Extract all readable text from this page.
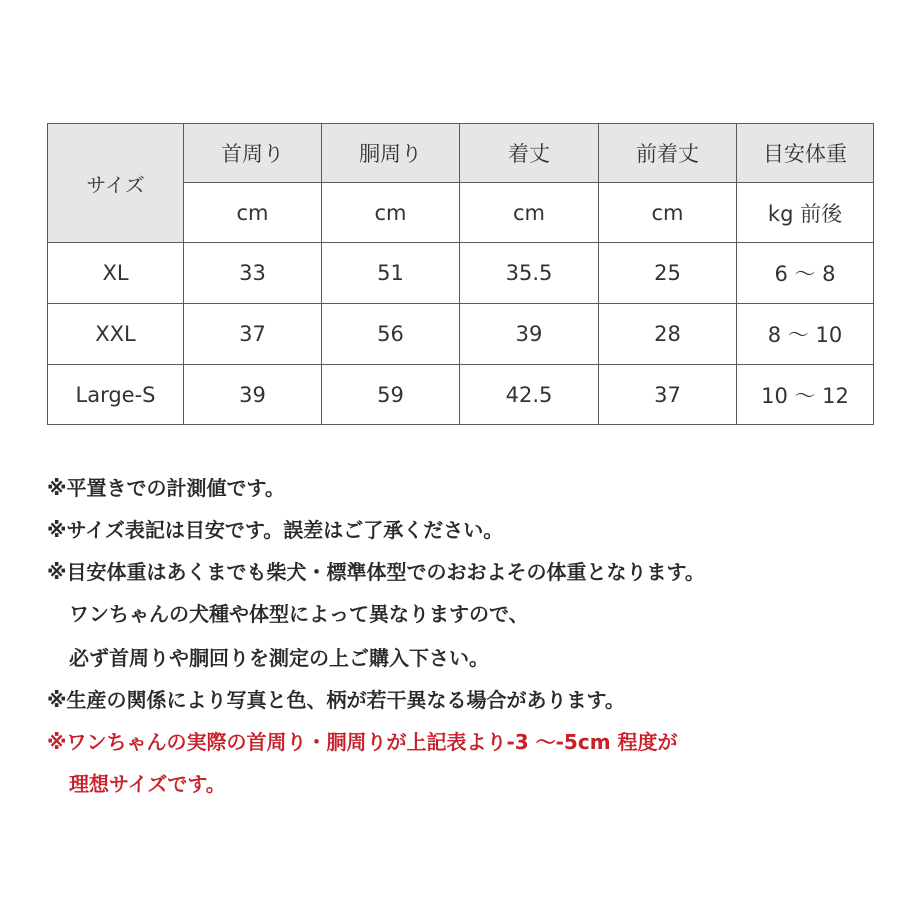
サイズ	首周り	胴周り	着丈	前着丈	目安体重
	cm	cm	cm	cm	kg 前後
XL	33	51	35.5	25	6 〜 8
XXL	37	56	39	28	8 〜 10
Large-S	39	59	42.5	37	10 〜 12
※平置きでの計測値です。
※サイズ表記は目安です。誤差はご了承ください。
※目安体重はあくまでも柴犬・標準体型でのおおよその体重となります。
ワンちゃんの犬種や体型によって異なりますので、
必ず首周りや胴回りを測定の上ご購入下さい。
※生産の関係により写真と色、柄が若干異なる場合があります。
※ワンちゃんの実際の首周り・胴周りが上記表より-3 〜-5cm 程度が
理想サイズです。
